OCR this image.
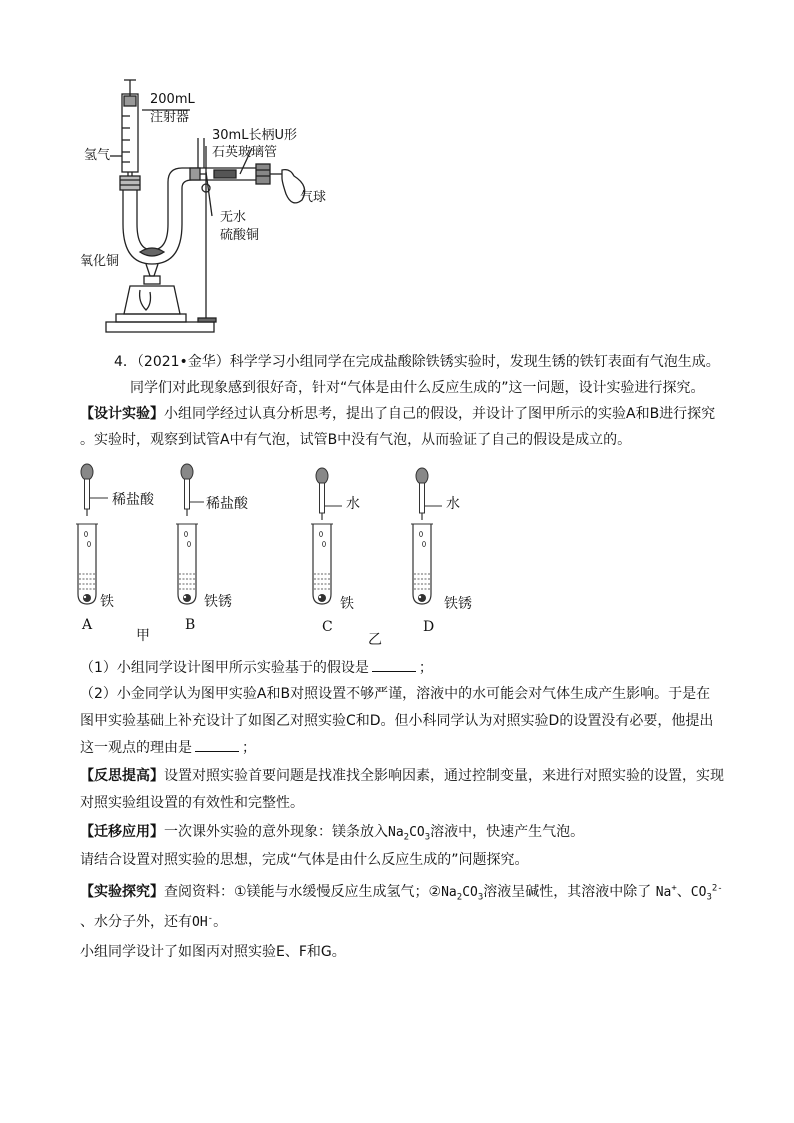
200mL
注射器
氢气
30mL长柄U形
石英玻璃管
气球
无水
硫酸铜
氧化铜
4．（2021•金华）科学学习小组同学在完成盐酸除铁锈实验时，发现生锈的铁钉表面有气泡生成。
同学们对此现象感到很好奇，针对“气体是由什么反应生成的”这一问题，设计实验进行探究。
【设计实验】小组同学经过认真分析思考，提出了自己的假设，并设计了图甲所示的实验A和B进行探究
。实验时，观察到试管A中有气泡，试管B中没有气泡，从而验证了自己的假设是成立的。
稀盐酸	稀盐酸	水	水
铁	铁锈	铁	铁锈
A	B	C	D
甲	乙
（1）小组同学设计图甲所示实验基于的假设是	；
（2）小金同学认为图甲实验A和B对照设置不够严谨，溶液中的水可能会对气体生成产生影响。于是在
图甲实验基础上补充设计了如图乙对照实验C和D。但小科同学认为对照实验D的设置没有必要，他提出
这一观点的理由是	；
【反思提高】设置对照实验首要问题是找准找全影响因素，通过控制变量，来进行对照实验的设置，实现
对照实验组设置的有效性和完整性。
【迁移应用】一次课外实验的意外现象：镁条放入$Na_2CO_3$溶液中，快速产生气泡。
请结合设置对照实验的思想，完成“气体是由什么反应生成的”问题探究。
【实验探究】查阅资料：①镁能与水缓慢反应生成氢气；$②Na_2CO_3$溶液呈碱性，其溶液中除了 Na+、$CO_3^{2-}$
、水分子外，还有OH-。
小组同学设计了如图丙对照实验E、F和G。
